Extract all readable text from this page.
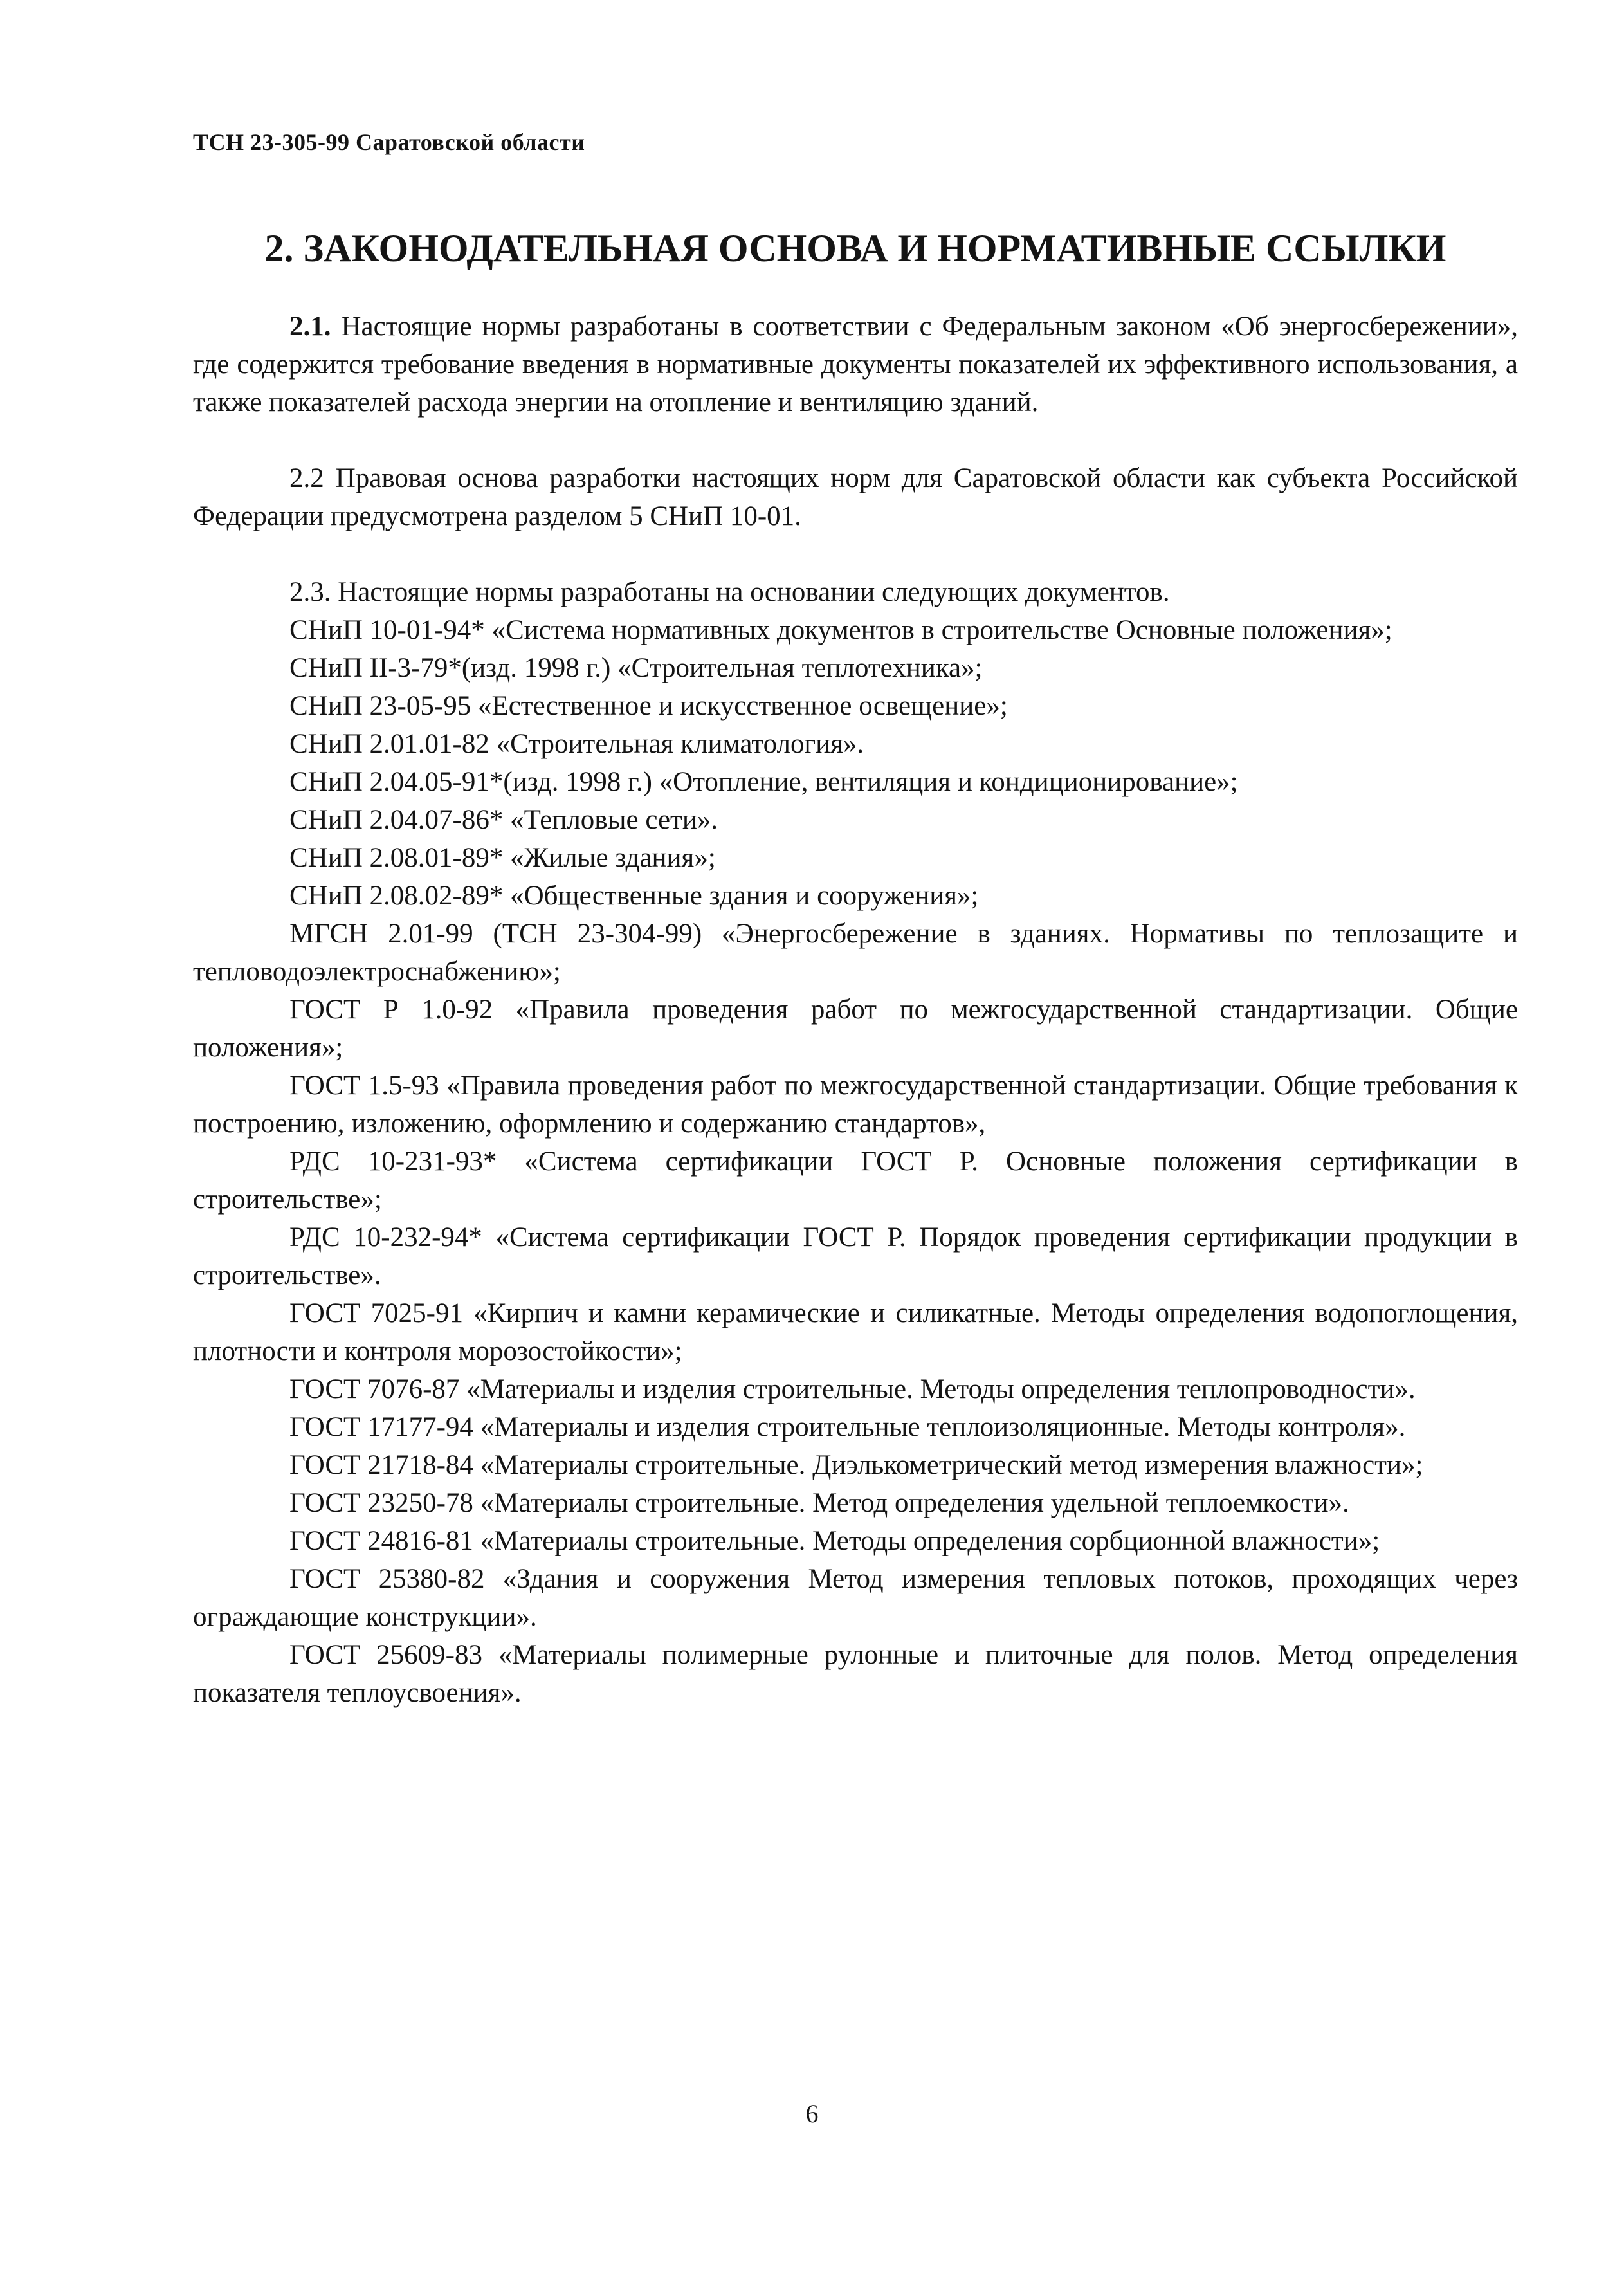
ТСН 23-305-99 Саратовской области
2. ЗАКОНОДАТЕЛЬНАЯ ОСНОВА И НОРМАТИВНЫЕ ССЫЛКИ

2.1. Настоящие нормы разработаны в соответствии с Федеральным законом «Об энергосбережении», где содержится требование введения в нормативные документы показателей их эффективного использования, а также показателей расхода энергии на отопление и вентиляцию зданий.

2.2 Правовая основа разработки настоящих норм для Саратовской области как субъекта Российской Федерации предусмотрена разделом 5 СНиП 10-01.

2.3. Настоящие нормы разработаны на основании следующих документов.

СНиП 10-01-94* «Система нормативных документов в строительстве Основные положения»;
СНиП II-3-79*(изд. 1998 г.) «Строительная теплотехника»;
СНиП 23-05-95 «Естественное и искусственное освещение»;
СНиП 2.01.01-82 «Строительная климатология».
СНиП 2.04.05-91*(изд. 1998 г.) «Отопление, вентиляция и кондиционирование»;
СНиП 2.04.07-86* «Тепловые сети».
СНиП 2.08.01-89* «Жилые здания»;
СНиП 2.08.02-89* «Общественные здания и сооружения»;
МГСН 2.01-99 (ТСН 23-304-99) «Энергосбережение в зданиях. Нормативы по теплозащите и тепловодоэлектроснабжению»;
ГОСТ Р 1.0-92 «Правила проведения работ по межгосударственной стандартизации. Общие положения»;
ГОСТ 1.5-93 «Правила проведения работ по межгосударственной стандартизации. Общие требования к построению, изложению, оформлению и содержанию стандартов»,
РДС 10-231-93* «Система сертификации ГОСТ Р. Основные положения сертификации в строительстве»;
РДС 10-232-94* «Система сертификации ГОСТ Р. Порядок проведения сертификации продукции в строительстве».
ГОСТ 7025-91 «Кирпич и камни керамические и силикатные. Методы определения водопоглощения, плотности и контроля морозостойкости»;
ГОСТ 7076-87 «Материалы и изделия строительные. Методы определения теплопроводности».
ГОСТ 17177-94 «Материалы и изделия строительные теплоизоляционные. Методы контроля».
ГОСТ 21718-84 «Материалы строительные. Диэлькометрический метод измерения влажности»;
ГОСТ 23250-78 «Материалы строительные. Метод определения удельной теплоемкости».
ГОСТ 24816-81 «Материалы строительные. Методы определения сорбционной влажности»;
ГОСТ 25380-82 «Здания и сооружения Метод измерения тепловых потоков, проходящих через ограждающие конструкции».
ГОСТ 25609-83 «Материалы полимерные рулонные и плиточные для полов. Метод определения показателя теплоусвоения».
6
